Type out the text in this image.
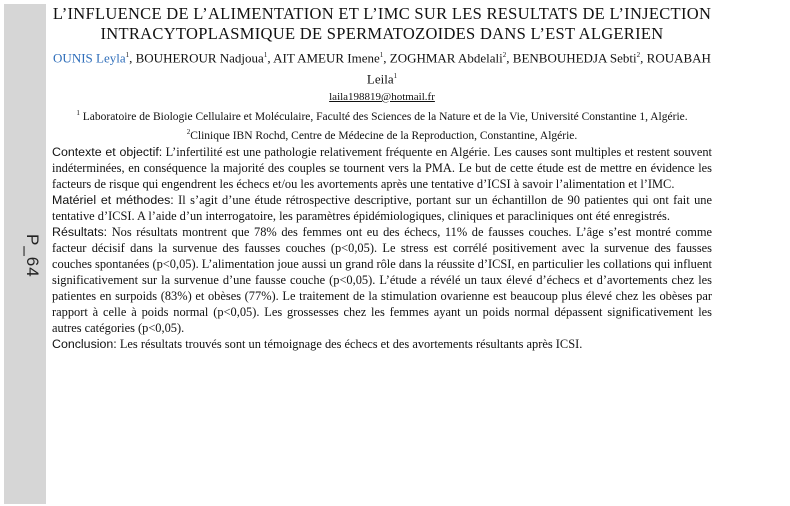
P_64
L’INFLUENCE DE L’ALIMENTATION ET L’IMC SUR LES RESULTATS DE L’INJECTION INTRACYTOPLASMIQUE DE SPERMATOZOIDES DANS L’EST ALGERIEN
OUNIS Leyla$^1$, BOUHEROUR Nadjoua$^1$, AIT AMEUR Imene$^1$, ZOGHMAR Abdelali$^2$, BENBOUHEDJA Sebti$^2$, ROUABAH Leila$^1$
laila198819@hotmail.fr
$^1$ Laboratoire de Biologie Cellulaire et Moléculaire, Faculté des Sciences de la Nature et de la Vie, Université Constantine 1, Algérie.
$^2$Clinique IBN Rochd, Centre de Médecine de la Reproduction, Constantine, Algérie.

Contexte et objectif: L’infertilité est une pathologie relativement fréquente en Algérie. Les causes sont multiples et restent souvent indéterminées, en conséquence la majorité des couples se tournent vers la PMA. Le but de cette étude est de mettre en évidence les facteurs de risque qui engendrent les échecs et/ou les avortements après une tentative d’ICSI à savoir l’alimentation et l’IMC.

Matériel et méthodes: Il s’agit d’une étude rétrospective descriptive, portant sur un échantillon de 90 patientes qui ont fait une tentative d’ICSI. A l’aide d’un interrogatoire, les paramètres épidémiologiques, cliniques et paracliniques ont été enregistrés.

Résultats: Nos résultats montrent que 78% des femmes ont eu des échecs, 11% de fausses couches. L’âge s’est montré comme facteur décisif dans la survenue des fausses couches (p<0,05). Le stress est corrélé positivement avec la survenue des fausses couches spontanées (p<0,05). L’alimentation joue aussi un grand rôle dans la réussite d’ICSI, en particulier les collations qui influent significativement sur la survenue d’une fausse couche (p<0,05). L’étude a révélé un taux élevé d’échecs et d’avortements chez les patientes en surpoids (83%) et obèses (77%). Le traitement de la stimulation ovarienne est beaucoup plus élevé chez les obèses par rapport à celle à poids normal (p<0,05). Les grossesses chez les femmes ayant un poids normal dépassent significativement les autres catégories (p<0,05).

Conclusion: Les résultats trouvés sont un témoignage des échecs et des avortements résultants après ICSI.
